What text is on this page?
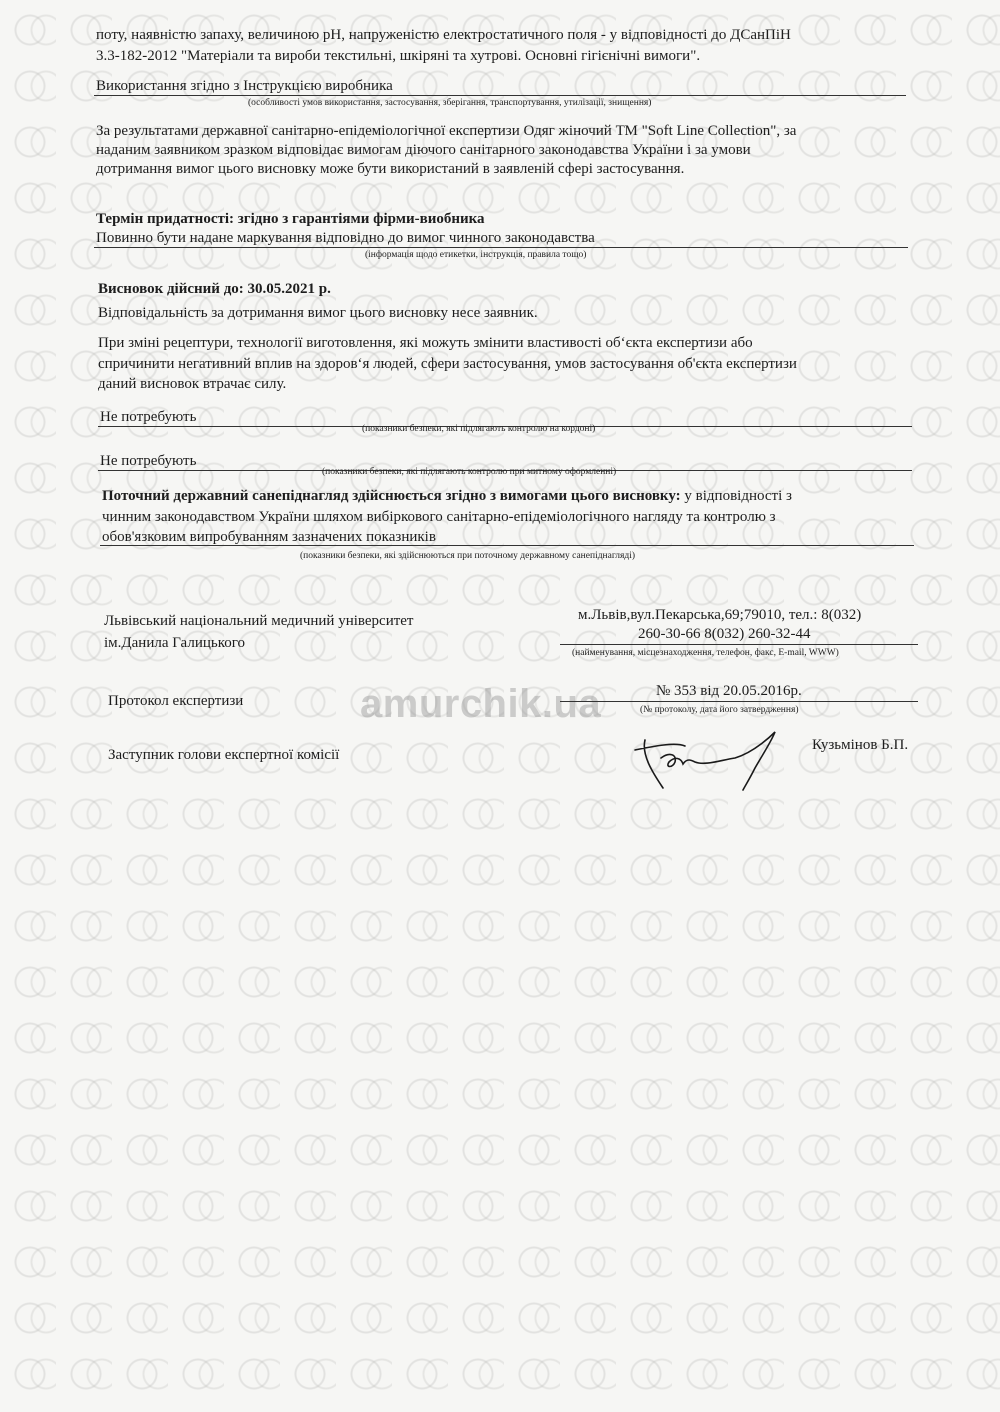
поту, наявністю запаху, величиною рН, напруженістю електростатичного поля - у відповідності до ДСанПіН
3.3-182-2012 "Матеріали та вироби текстильні, шкіряні та хутрові. Основні гігієнічні вимоги".
Використання згідно з Інструкцією виробника
(особливості умов використання, застосування, зберігання, транспортування, утилізації, знищення)
За результатами державної санітарно-епідеміологічної експертизи Одяг жіночий ТМ "Soft Line Collection", за
наданим заявником зразком відповідає вимогам діючого санітарного законодавства України і за умови
дотримання вимог цього висновку може бути використаний в заявленій сфері застосування.
Термін придатності: згідно з гарантіями фірми-виобника
Повинно бути надане маркування відповідно до вимог чинного законодавства
(інформація щодо етикетки, інструкція, правила тощо)
Висновок дійсний до: 30.05.2021 р.
Відповідальність за дотримання вимог цього висновку несе заявник.
При зміні рецептури, технології виготовлення, які можуть змінити властивості об‘єкта експертизи або
спричинити негативний вплив на здоров‘я людей, сфери застосування, умов застосування об'єкта експертизи
даний висновок втрачає силу.
Не потребують
(показники безпеки, які підлягають контролю на кордоні)
Не потребують
(показники безпеки, які підлягають контролю при митному оформленні)
Поточний державний санепіднагляд здійснюється згідно з вимогами цього висновку: у відповідності з
чинним законодавством України шляхом вибіркового санітарно-епідеміологічного нагляду та контролю з
обов'язковим випробуванням зазначених показників
(показники безпеки, які здійснюються при поточному державному санепіднагляді)
Львівський національний медичний університет
ім.Данила Галицького
м.Львів,вул.Пекарська,69;79010, тел.: 8(032)
260-30-66 8(032) 260-32-44
(найменування, місцезнаходження, телефон, факс, E-mail, WWW)
amurchik.ua
Протокол експертизи
№ 353 від 20.05.2016р.
(№ протоколу, дата його затвердження)
Заступник голови експертної комісії
Кузьмінов Б.П.
